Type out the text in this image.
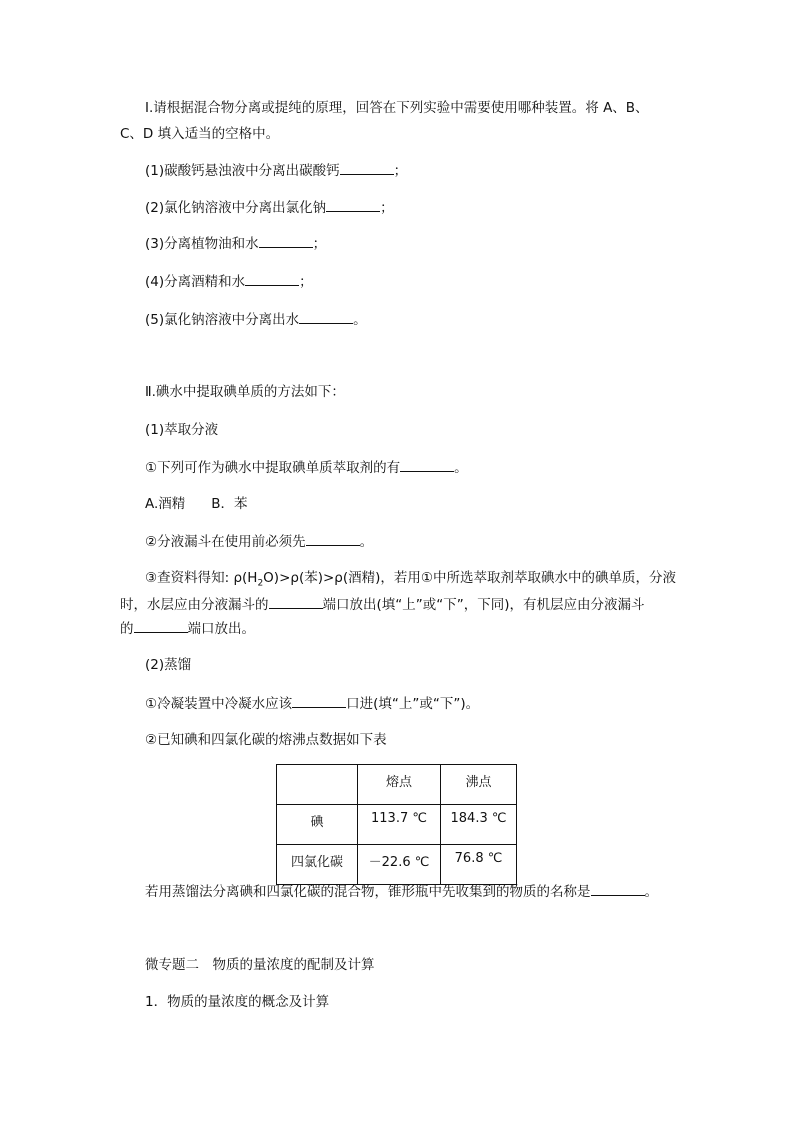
Ⅰ.请根据混合物分离或提纯的原理，回答在下列实验中需要使用哪种装置。将 A、B、
C、D 填入适当的空格中。
(1)碳酸钙悬浊液中分离出碳酸钙	；
(2)氯化钠溶液中分离出氯化钠	；
(3)分离植物油和水	；
(4)分离酒精和水	；
(5)氯化钠溶液中分离出水	。
Ⅱ.碘水中提取碘单质的方法如下：
(1)萃取分液
①下列可作为碘水中提取碘单质萃取剂的有	。
A.酒精 B．苯
②分液漏斗在使用前必须先	。
③查资料得知: $\rho(H_2O)>\rho$(苯)>ρ(酒精)，若用①中所选萃取剂萃取碘水中的碘单质，分液
时，水层应由分液漏斗的	端口放出(填“上”或“下”，下同)，有机层应由分液漏斗
的	端口放出。
(2)蒸馏
①冷凝装置中冷凝水应该	口进(填“上”或“下”)。
②已知碘和四氯化碳的熔沸点数据如下表
	熔点	沸点
碘	113.7 ℃	184.3 ℃
四氯化碳	－22.6 ℃	76.8 ℃
若用蒸馏法分离碘和四氯化碳的混合物，锥形瓶中先收集到的物质的名称是	。
微专题二　物质的量浓度的配制及计算
1．物质的量浓度的概念及计算
